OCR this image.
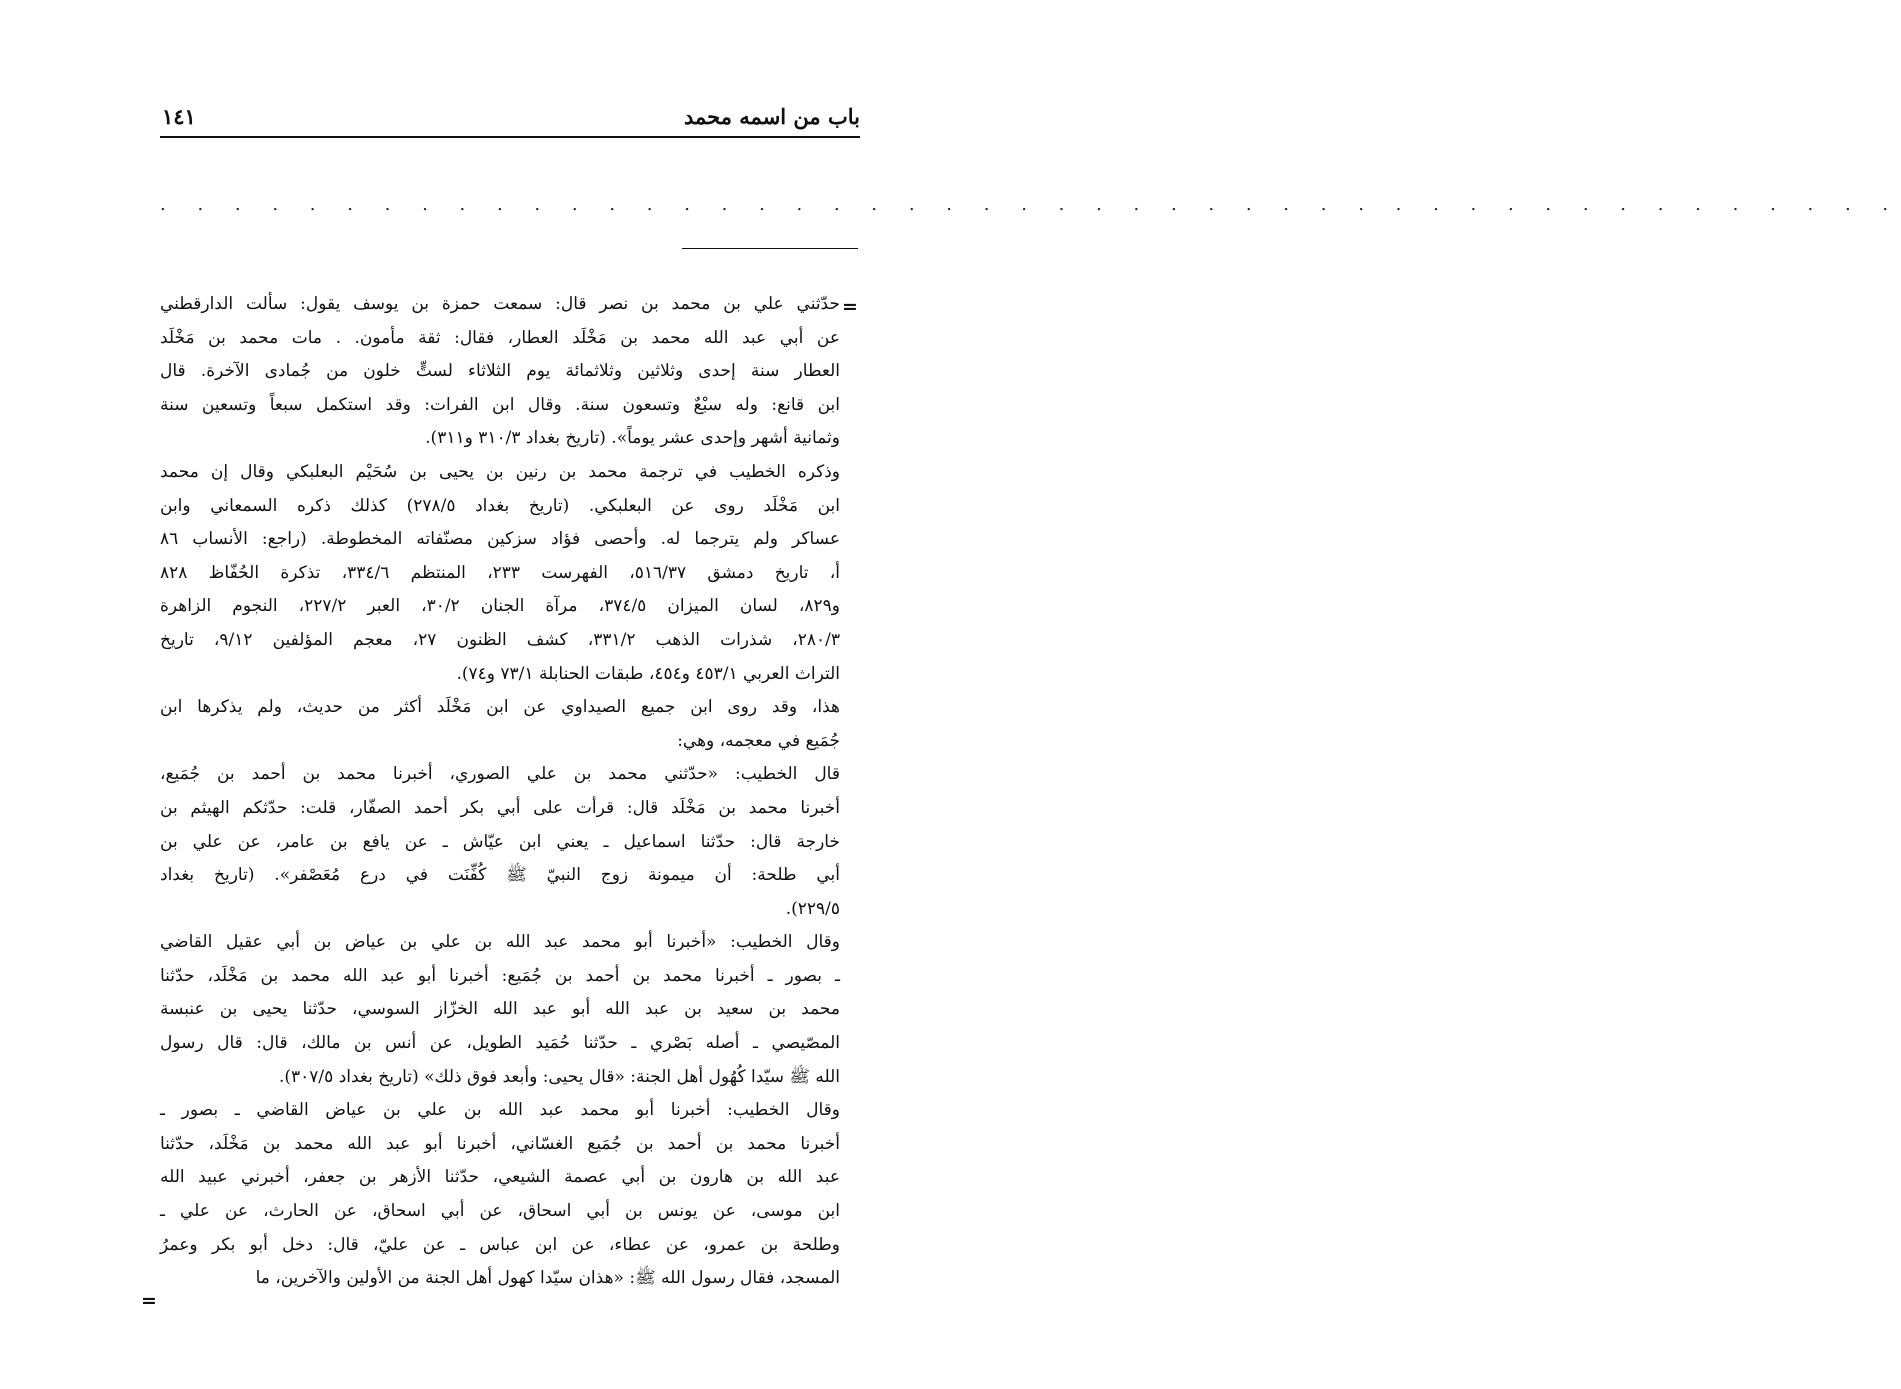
باب من اسمه محمد
١٤١
. . . . . . . . . . . . . . . . . . . . . . . . . . . . . . . . . . . . . . . . . . . . . . .
=

حدّثني علي بن محمد بن نصر قال: سمعت حمزة بن يوسف يقول: سألت الدارقطني
عن أبي عبد الله محمد بن مَخْلَد العطار، فقال: ثقة مأمون. . مات محمد بن مَخْلَد
العطار سنة إحدى وثلاثين وثلاثمائة يوم الثلاثاء لستٍّ خلون من جُمادى الآخرة. قال
ابن قانع: وله سبْعٌ وتسعون سنة. وقال ابن الفرات: وقد استكمل سبعاً وتسعين سنة
وثمانية أشهر وإحدى عشر يوماً». (تاريخ بغداد ٣١٠/٣ و٣١١).

وذكره الخطيب في ترجمة محمد بن رنين بن يحيى بن سُحَيْم البعلبكي وقال إن محمد
ابن مَخْلَد روى عن البعلبكي. (تاريخ بغداد ٢٧٨/٥) كذلك ذكره السمعاني وابن
عساكر ولم يترجما له. وأحصى فؤاد سزكين مصنّفاته المخطوطة. (راجع: الأنساب ٨٦
أ، تاريخ دمشق ٥١٦/٣٧، الفهرست ٢٣٣، المنتظم ٣٣٤/٦، تذكرة الحُفّاظ ٨٢٨
و٨٢٩، لسان الميزان ٣٧٤/٥، مرآة الجنان ٣٠/٢، العبر ٢٢٧/٢، النجوم الزاهرة
٢٨٠/٣، شذرات الذهب ٣٣١/٢، كشف الظنون ٢٧، معجم المؤلفين ٩/١٢، تاريخ
التراث العربي ٤٥٣/١ و٤٥٤، طبقات الحنابلة ٧٣/١ و٧٤).

هذا، وقد روى ابن جميع الصيداوي عن ابن مَخْلَد أكثر من حديث، ولم يذكرها ابن
جُمَيع في معجمه، وهي:

قال الخطيب: «حدّثني محمد بن علي الصوري، أخبرنا محمد بن أحمد بن جُمَيع،
أخبرنا محمد بن مَخْلَد قال: قرأت على أبي بكر أحمد الصفّار، قلت: حدّثكم الهيثم بن
خارجة قال: حدّثنا اسماعيل ـ يعني ابن عيّاش ـ عن يافع بن عامر، عن علي بن
أبي طلحة: أن ميمونة زوج النبيّ ﷺ كُفِّنَت في درع مُعَصْفر». (تاريخ بغداد
٢٢٩/٥).

وقال الخطيب: «أخبرنا أبو محمد عبد الله بن علي بن عياض بن أبي عقيل القاضي
ـ بصور ـ أخبرنا محمد بن أحمد بن جُمَيع: أخبرنا أبو عبد الله محمد بن مَخْلَد، حدّثنا
محمد بن سعيد بن عبد الله أبو عبد الله الخزّاز السوسي، حدّثنا يحيى بن عنبسة
المصّيصي ـ أصله بَصْري ـ حدّثنا حُمَيد الطويل، عن أنس بن مالك، قال: قال رسول
الله ﷺ سيّدا كُهُول أهل الجنة: «قال يحيى: وأبعد فوق ذلك» (تاريخ بغداد ٣٠٧/٥).

وقال الخطيب: أخبرنا أبو محمد عبد الله بن علي بن عياض القاضي ـ بصور ـ
أخبرنا محمد بن أحمد بن جُمَيع الغسّاني، أخبرنا أبو عبد الله محمد بن مَخْلَد، حدّثنا
عبد الله بن هارون بن أبي عصمة الشيعي، حدّثنا الأزهر بن جعفر، أخبرني عبيد الله
ابن موسى، عن يونس بن أبي اسحاق، عن أبي اسحاق، عن الحارث، عن علي ـ
وطلحة بن عمرو، عن عطاء، عن ابن عباس ـ عن عليّ، قال: دخل أبو بكر وعمرُ
المسجد، فقال رسول الله ﷺ: «هذان سيّدا كهول أهل الجنة من الأولين والآخرين، ما

=
